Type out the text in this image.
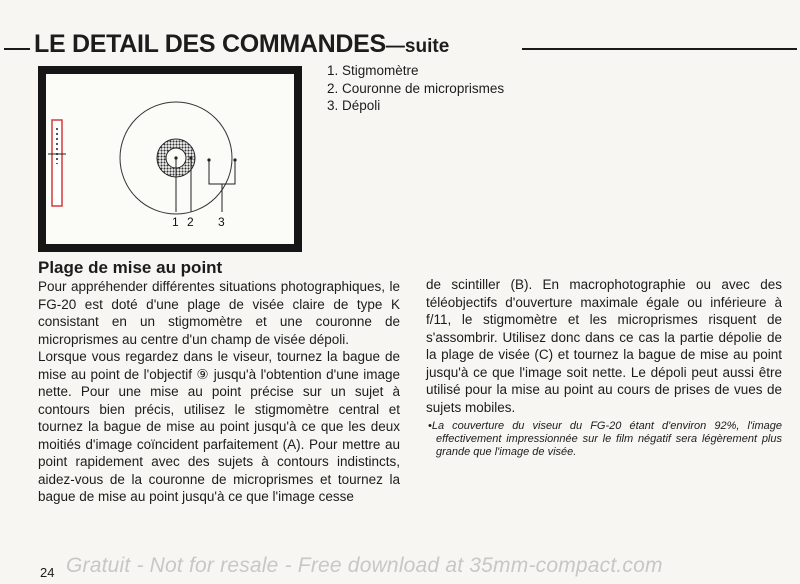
LE DETAIL DES COMMANDES—suite
1 2 3
1. Stigmomètre
2. Couronne de microprismes
3. Dépoli
Plage de mise au point

Pour appréhender différentes situations photographiques, le FG-20 est doté d'une plage de visée claire de type K consistant en un stigmomètre et une couronne de microprismes au centre d'un champ de visée dépoli.

Lorsque vous regardez dans le viseur, tournez la bague de mise au point de l'objectif ⑨ jusqu'à l'obtention d'une image nette. Pour une mise au point précise sur un sujet à contours bien précis, utilisez le stigmomètre central et tournez la bague de mise au point jusqu'à ce que les deux moitiés d'image coïncident parfaitement (A). Pour mettre au point rapidement avec des sujets à contours indistincts, aidez-vous de la couronne de microprismes et tournez la bague de mise au point jusqu'à ce que l'image cesse

de scintiller (B). En macrophotographie ou avec des téléobjectifs d'ouverture maximale égale ou inférieure à f/11, le stigmomètre et les microprismes risquent de s'assombrir. Utilisez donc dans ce cas la partie dépolie de la plage de visée (C) et tournez la bague de mise au point jusqu'à ce que l'image soit nette. Le dépoli peut aussi être utilisé pour la mise au point au cours de prises de vues de sujets mobiles.

•La couverture du viseur du FG-20 étant d'environ 92%, l'image effectivement impressionnée sur le film négatif sera légèrement plus grande que l'image de visée.

24 Gratuit - Not for resale - Free download at 35mm-compact.com
